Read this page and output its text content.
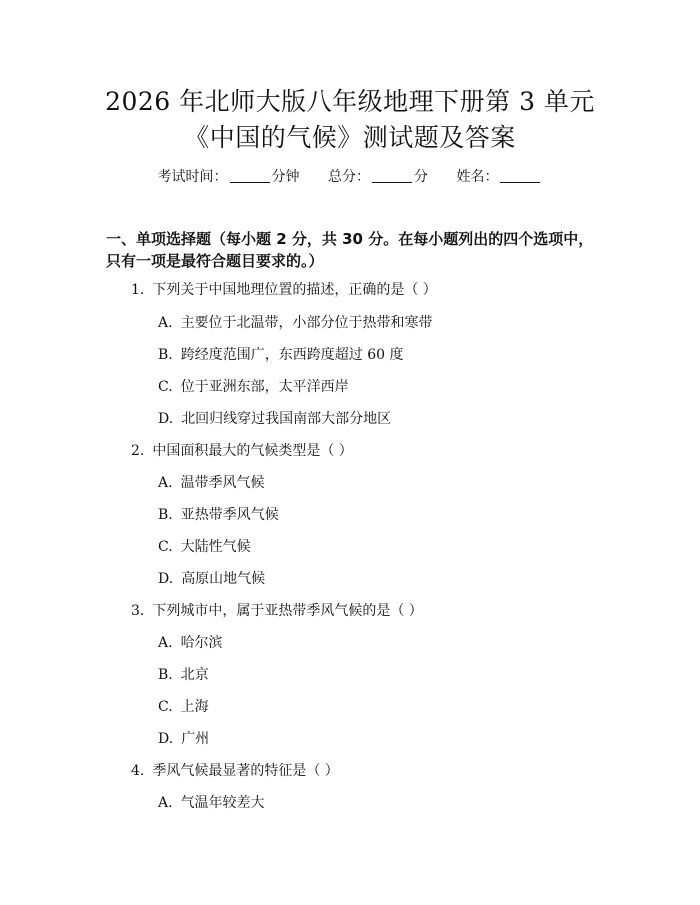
2026 年北师大版八年级地理下册第 3 单元
《中国的气候》测试题及答案
考试时间：	分钟 总分：	分 姓名：
一、单项选择题（每小题 2 分，共 30 分。在每小题列出的四个选项中，只有一项是最符合题目要求的。）
1. 下列关于中国地理位置的描述，正确的是（ ）
A. 主要位于北温带，小部分位于热带和寒带
B. 跨经度范围广，东西跨度超过 60 度
C. 位于亚洲东部，太平洋西岸
D. 北回归线穿过我国南部大部分地区
2. 中国面积最大的气候类型是（ ）
A. 温带季风气候
B. 亚热带季风气候
C. 大陆性气候
D. 高原山地气候
3. 下列城市中，属于亚热带季风气候的是（ ）
A. 哈尔滨
B. 北京
C. 上海
D. 广州
4. 季风气候最显著的特征是（ ）
A. 气温年较差大
